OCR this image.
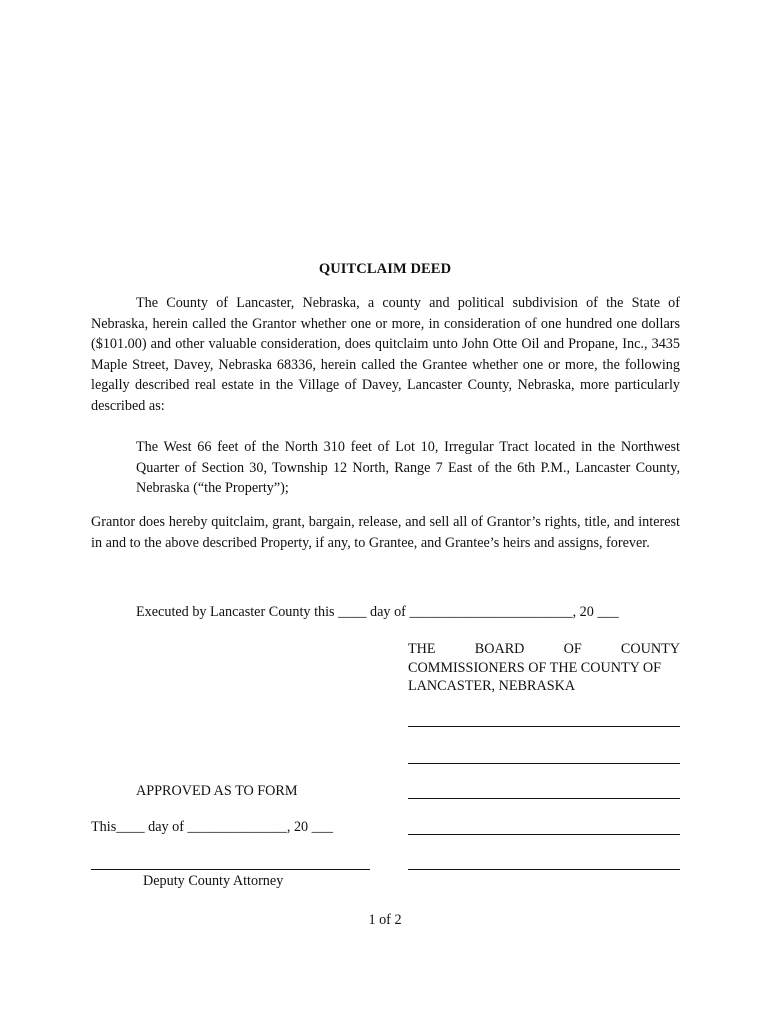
QUITCLAIM DEED

The County of Lancaster, Nebraska, a county and political subdivision of the State of Nebraska, herein called the Grantor whether one or more, in consideration of one hundred one dollars ($101.00) and other valuable consideration, does quitclaim unto John Otte Oil and Propane, Inc., 3435 Maple Street, Davey, Nebraska 68336, herein called the Grantee whether one or more, the following legally described real estate in the Village of Davey, Lancaster County, Nebraska, more particularly described as:

The West 66 feet of the North 310 feet of Lot 10, Irregular Tract located in the Northwest Quarter of Section 30, Township 12 North, Range 7 East of the 6th P.M., Lancaster County, Nebraska (“the Property”);

Grantor does hereby quitclaim, grant, bargain, release, and sell all of Grantor’s rights, title, and interest in and to the above described Property, if any, to Grantee, and Grantee’s heirs and assigns, forever.

Executed by Lancaster County this ____ day of _______________________, 20 ___
THE	BOARD	OF	COUNTY
COMMISSIONERS OF THE COUNTY OF
LANCASTER, NEBRASKA
APPROVED AS TO FORM
This____ day of ______________, 20 ___
Deputy County Attorney
1 of 2
